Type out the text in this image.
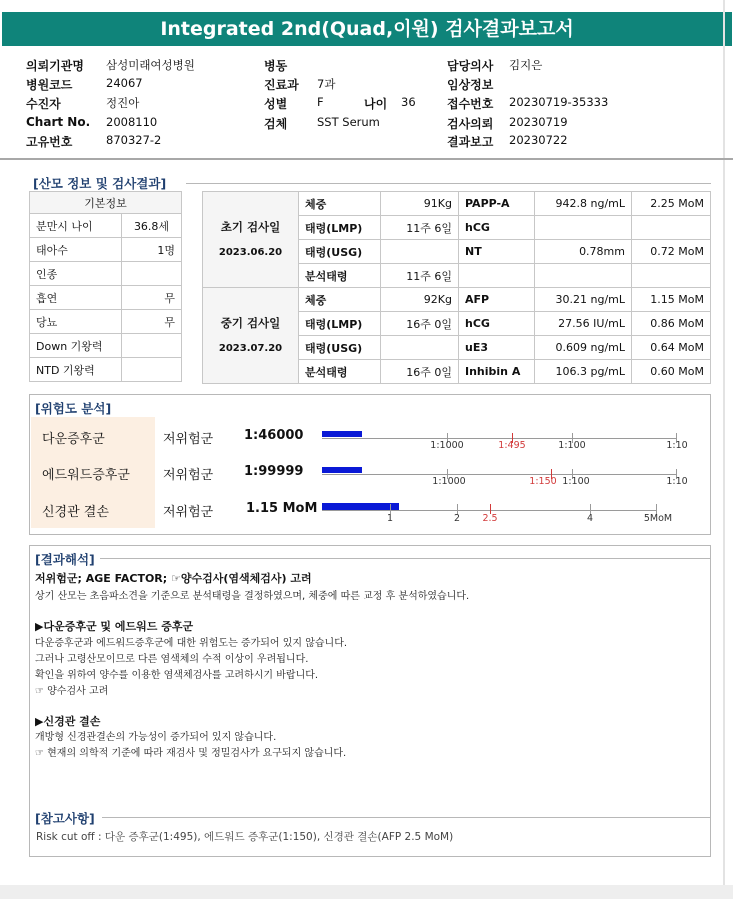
Integrated 2nd(Quad,이원) 검사결과보고서
의뢰기관명 삼성미래여성병원
병원코드	24067
수진자	정진아
Chart No. 2008110
고유번호	870327-2
병동
진료과 7과
성별	F	나이 36
검체	SST Serum
담당의사 김지은
임상정보
접수번호 20230719-35333
검사의뢰 20230719
결과보고 20230722
[산모 정보 및 검사결과]
기본정보	
분만시 나이	36.8세
태아수	1명
인종	
흡연	무
당뇨	무
Down 기왕력	
NTD 기왕력	
초기 검사일
2023.06.20	체중	91Kg	PAPP-A	942.8 ng/mL	2.25 MoM
	태령(LMP)	11주 6일	hCG		
	태령(USG)		NT	0.78mm	0.72 MoM
	분석태령	11주 6일			

중기 검사일
2023.07.20	체중	92Kg	AFP	30.21 ng/mL	1.15 MoM
	태령(LMP)	16주 0일	hCG	27.56 IU/mL	0.86 MoM
	태령(USG)		uE3	0.609 ng/mL	0.64 MoM
	분석태령	16주 0일	Inhibin A	106.3 pg/mL	0.60 MoM
[위험도 분석]
다운증후군	저위험군 1:46000
1:1000	1:495	1:100	1:10
에드워드증후군	저위험군 1:99999
1:1000	1:150 1:100	1:10
신경관 결손	저위험군	1.15 MoM
1	2 2.5	4	5MoM
[결과해석]
저위험군; AGE FACTOR; ☞양수검사(염색체검사) 고려
상기 산모는 초음파소견을 기준으로 분석태령을 결정하였으며, 체중에 따른 교정 후 분석하였습니다.
▶다운증후군 및 에드워드 증후군
다운증후군과 에드워드증후군에 대한 위험도는 증가되어 있지 않습니다.
그러나 고령산모이므로 다른 염색체의 수적 이상이 우려됩니다.
확인을 위하여 양수를 이용한 염색체검사를 고려하시기 바랍니다.
☞ 양수검사 고려
▶신경관 결손
개방형 신경관결손의 가능성이 증가되어 있지 않습니다.
☞ 현재의 의학적 기준에 따라 재검사 및 정밀검사가 요구되지 않습니다.
[참고사항]
Risk cut off : 다운 증후군(1:495), 에드워드 증후군(1:150), 신경관 결손(AFP 2.5 MoM)
